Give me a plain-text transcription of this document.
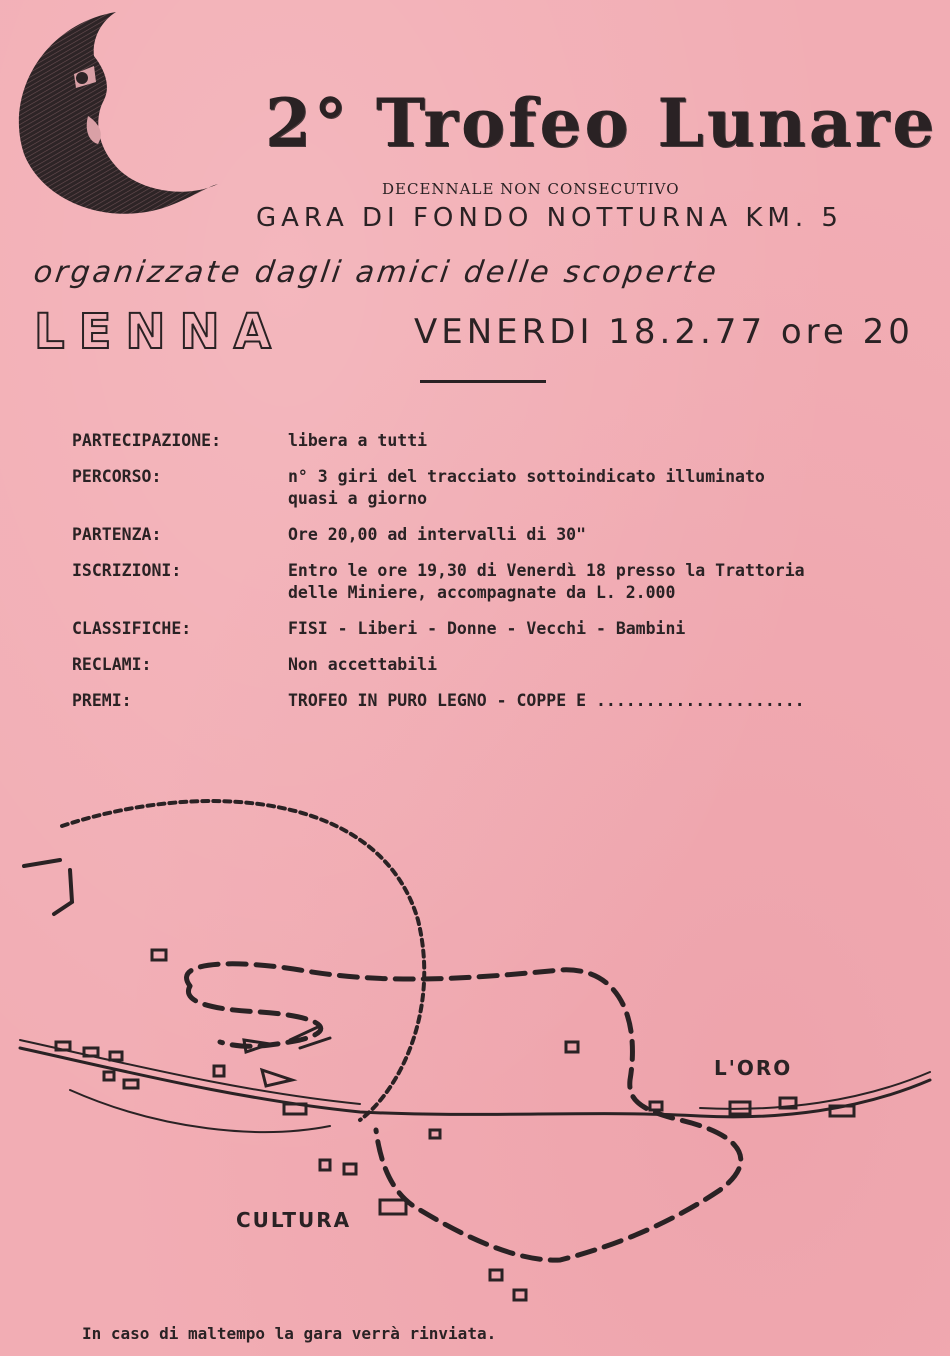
2° Trofeo Lunare
DECENNALE NON CONSECUTIVO
GARA DI FONDO NOTTURNA KM. 5
organizzate dagli amici delle scoperte
LENNA	VENERDI 18.2.77 ore 20
PARTECIPAZIONE:	libera a tutti
PERCORSO:	n° 3 giri del tracciato sottoindicato illuminato
quasi a giorno
PARTENZA:	Ore 20,00 ad intervalli di 30"
ISCRIZIONI:	Entro le ore 19,30 di Venerdì 18 presso la Trattoria
delle Miniere, accompagnate da L. 2.000
CLASSIFICHE:	FISI - Liberi - Donne - Vecchi - Bambini
RECLAMI:	Non accettabili
PREMI:	TROFEO IN PURO LEGNO - COPPE E .....................
L'ORO
CULTURA
In caso di maltempo la gara verrà rinviata.
